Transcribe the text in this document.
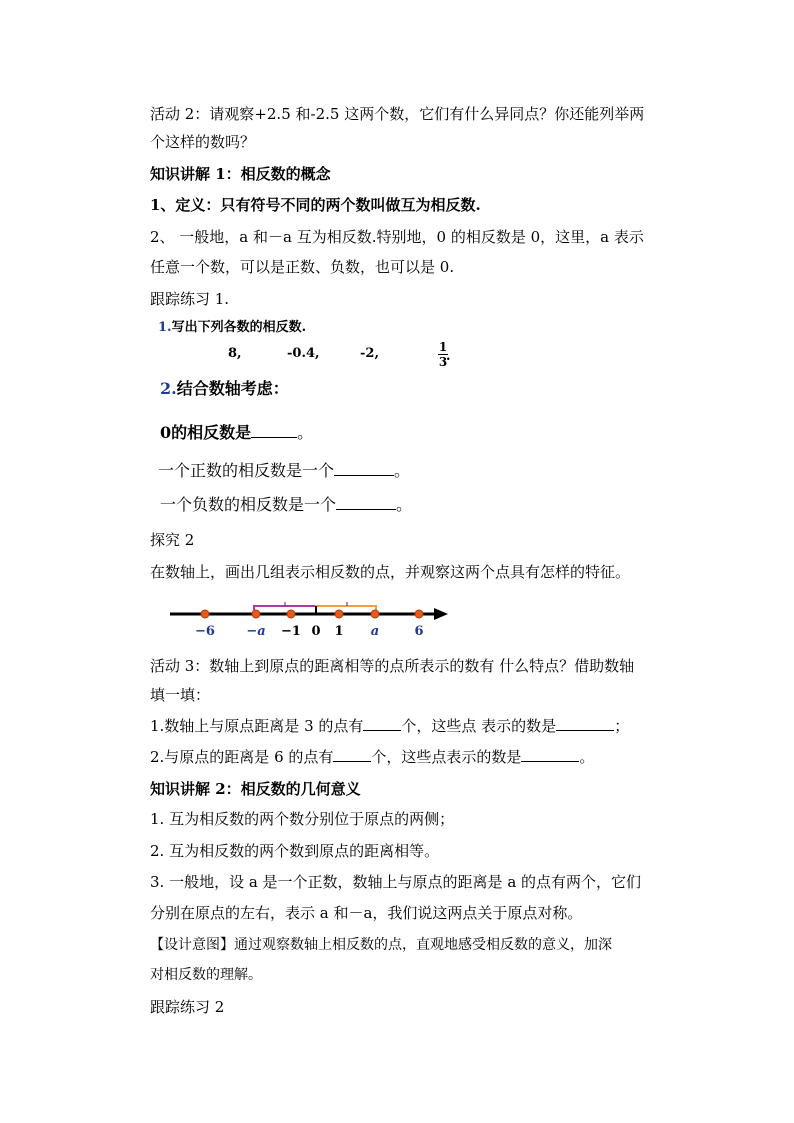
活动 2：请观察+2.5 和-2.5 这两个数，它们有什么异同点？你还能列举两
个这样的数吗？
知识讲解 1：相反数的概念
1、定义：只有符号不同的两个数叫做互为相反数.
2、 一般地，a 和－a 互为相反数.特别地，0 的相反数是 0，这里，a 表示
任意一个数，可以是正数、负数，也可以是 0.
跟踪练习 1.
1.写出下列各数的相反数.
8,	-0.4,	-2,	1
3
.
2.结合数轴考虑：
0的相反数是	。
一个正数的相反数是一个	。
一个负数的相反数是一个	。
探究 2
在数轴上，画出几组表示相反数的点，并观察这两个点具有怎样的特征。
−6 −a −1 0 1 a	6
活动 3：数轴上到原点的距离相等的点所表示的数有 什么特点？借助数轴
填一填：
1.数轴上与原点距离是 3 的点有	个，这些点 表示的数是	；
2.与原点的距离是 6 的点有	个，这些点表示的数是	。
知识讲解 2：相反数的几何意义
1. 互为相反数的两个数分别位于原点的两侧；
2. 互为相反数的两个数到原点的距离相等。
3. 一般地，设 a 是一个正数，数轴上与原点的距离是 a 的点有两个，它们
分别在原点的左右，表示 a 和－a，我们说这两点关于原点对称。
【设计意图】通过观察数轴上相反数的点，直观地感受相反数的意义，加深
对相反数的理解。
跟踪练习 2
